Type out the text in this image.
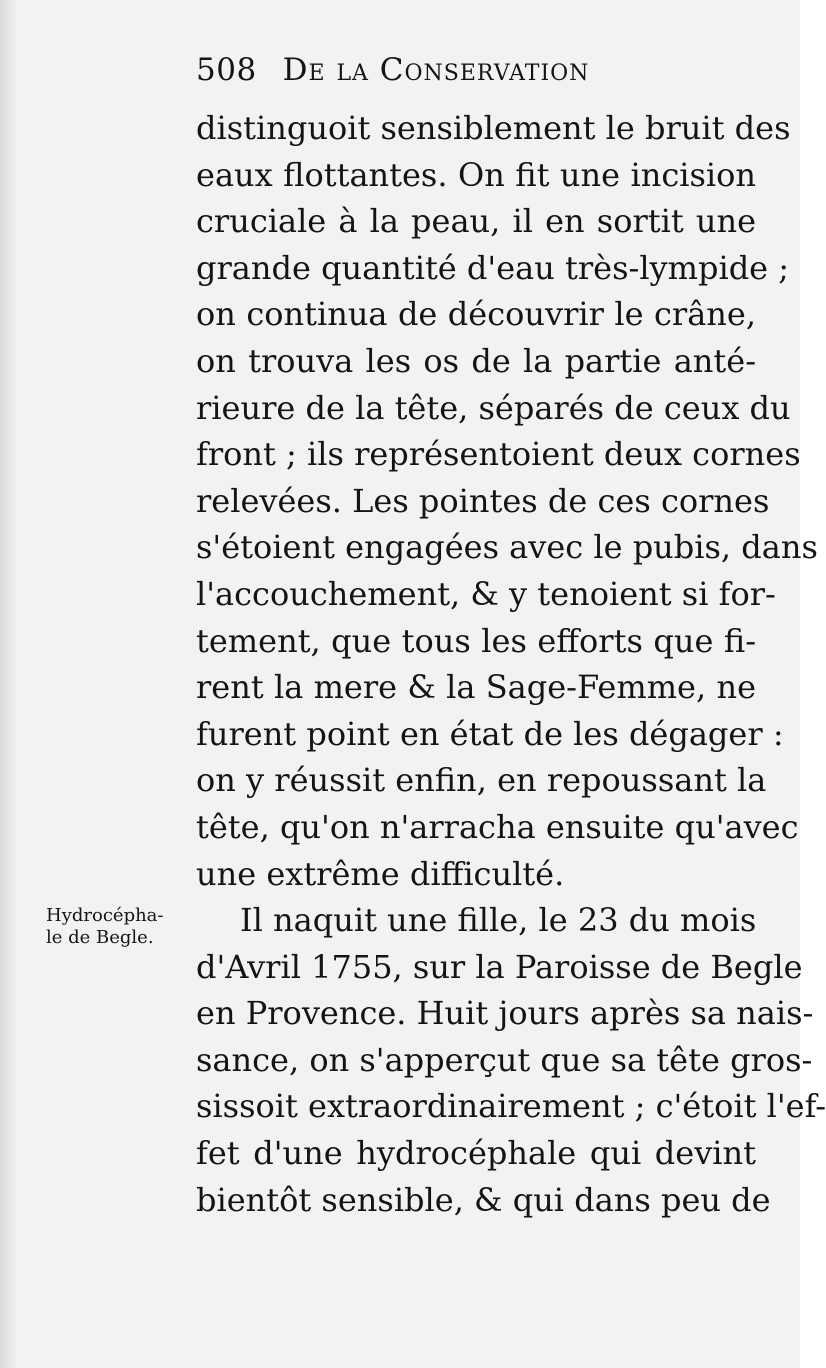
508 De la Conservation
Hydrocépha-
le de Begle.
distinguoit sensiblement le bruit des
eaux flottantes. On fit une incision
cruciale à la peau, il en sortit une
grande quantité d'eau très-lympide ;
on continua de découvrir le crâne,
on trouva les os de la partie anté-
rieure de la tête, séparés de ceux du
front ; ils représentoient deux cornes
relevées. Les pointes de ces cornes
s'étoient engagées avec le pubis, dans
l'accouchement, & y tenoient si for-
tement, que tous les efforts que fi-
rent la mere & la Sage-Femme, ne
furent point en état de les dégager :
on y réussit enfin, en repoussant la
tête, qu'on n'arracha ensuite qu'avec
une extrême difficulté.
Il naquit une fille, le 23 du mois
d'Avril 1755, sur la Paroisse de Begle
en Provence. Huit jours après sa nais-
sance, on s'apperçut que sa tête gros-
sissoit extraordinairement ; c'étoit l'ef-
fet d'une hydrocéphale qui devint
bientôt sensible, & qui dans peu de
